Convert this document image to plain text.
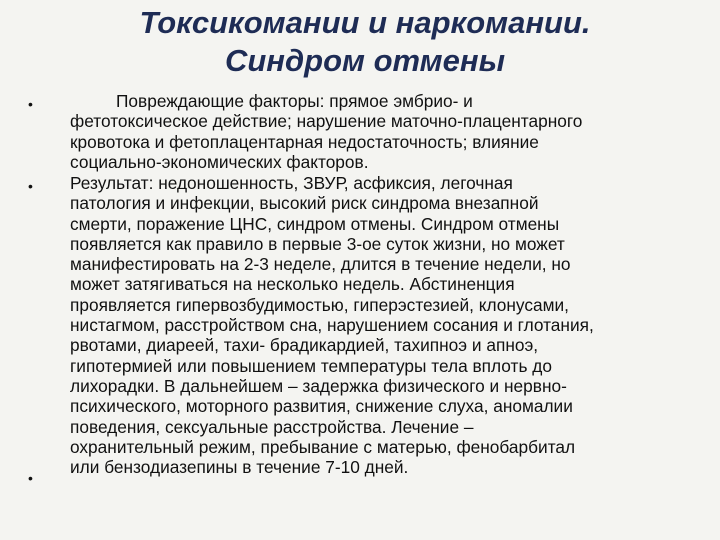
Токсикомании и наркомании.
Синдром отмены
•	Повреждающие факторы: прямое эмбрио- и
фетотоксическое действие; нарушение маточно-плацентарного
кровотока и фетоплацентарная недостаточность; влияние
социально-экономических факторов.

• Результат: недоношенность, ЗВУР, асфиксия, легочная
патология и инфекции, высокий риск синдрома внезапной
смерти, поражение ЦНС, синдром отмены. Синдром отмены
появляется как правило в первые 3-ое суток жизни, но может
манифестировать на 2-3 неделе, длится в течение недели, но
может затягиваться на несколько недель. Абстиненция
проявляется гипервозбудимостью, гиперэстезией, клонусами,
нистагмом, расстройством сна, нарушением сосания и глотания,
рвотами, диареей, тахи- брадикардией, тахипноэ и апноэ,
гипотермией или повышением температуры тела вплоть до
лихорадки. В дальнейшем – задержка физического и нервно-
психического, моторного развития, снижение слуха, аномалии
поведения, сексуальные расстройства. Лечение –
охранительный режим, пребывание с матерью, фенобарбитал
или бензодиазепины в течение 7-10 дней.

•
